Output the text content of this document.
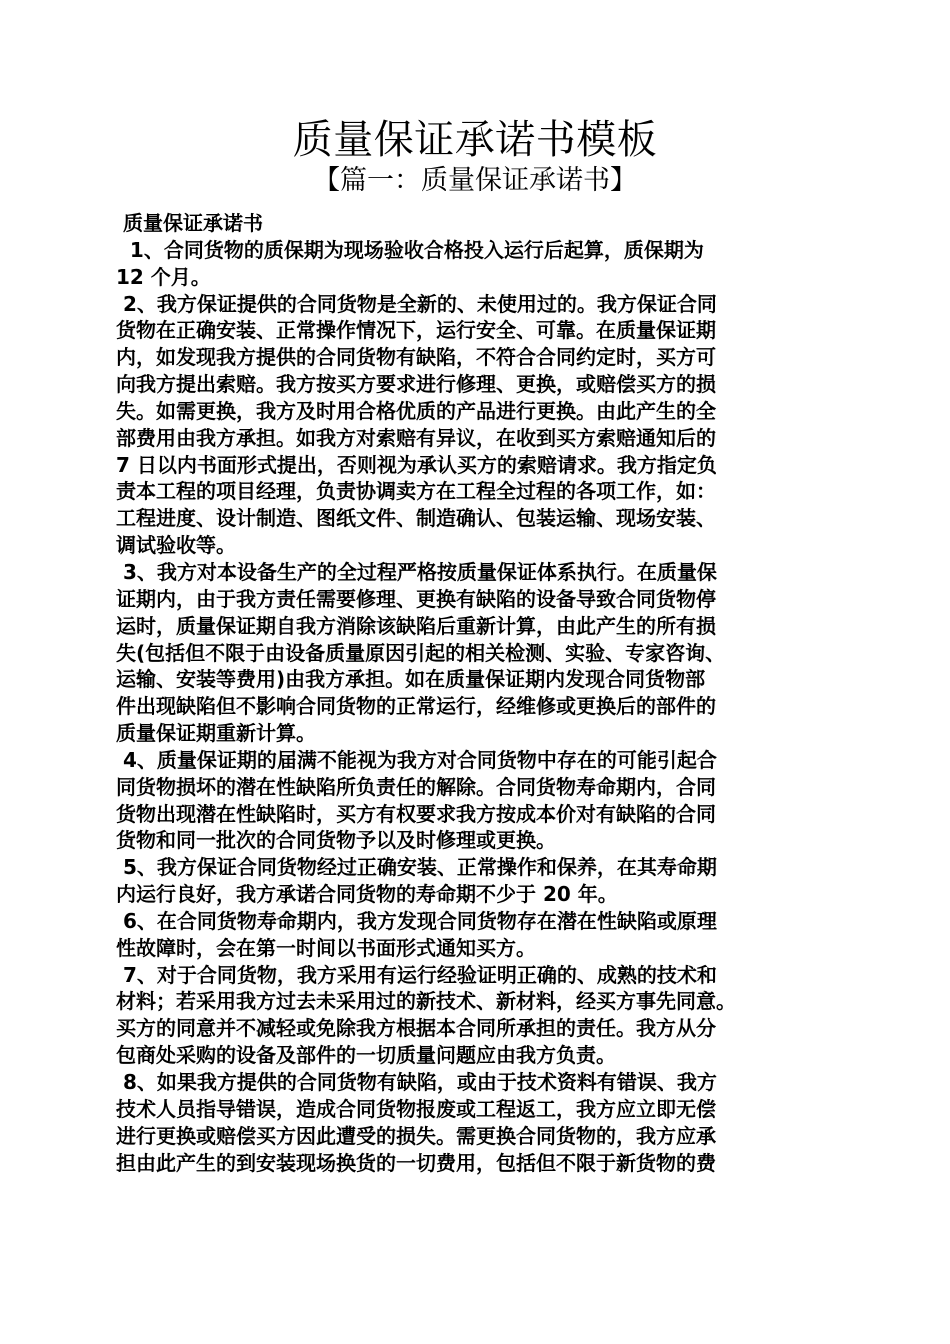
质量保证承诺书模板
【篇一：质量保证承诺书】
质量保证承诺书
1、合同货物的质保期为现场验收合格投入运行后起算，质保期为
12 个月。
2、我方保证提供的合同货物是全新的、未使用过的。我方保证合同
货物在正确安装、正常操作情况下，运行安全、可靠。在质量保证期
内，如发现我方提供的合同货物有缺陷，不符合合同约定时，买方可
向我方提出索赔。我方按买方要求进行修理、更换，或赔偿买方的损
失。如需更换，我方及时用合格优质的产品进行更换。由此产生的全
部费用由我方承担。如我方对索赔有异议，在收到买方索赔通知后的
7 日以内书面形式提出，否则视为承认买方的索赔请求。我方指定负
责本工程的项目经理，负责协调卖方在工程全过程的各项工作，如：
工程进度、设计制造、图纸文件、制造确认、包装运输、现场安装、
调试验收等。
3、我方对本设备生产的全过程严格按质量保证体系执行。在质量保
证期内，由于我方责任需要修理、更换有缺陷的设备导致合同货物停
运时，质量保证期自我方消除该缺陷后重新计算，由此产生的所有损
失(包括但不限于由设备质量原因引起的相关检测、实验、专家咨询、
运输、安装等费用)由我方承担。如在质量保证期内发现合同货物部
件出现缺陷但不影响合同货物的正常运行，经维修或更换后的部件的
质量保证期重新计算。
4、质量保证期的届满不能视为我方对合同货物中存在的可能引起合
同货物损坏的潜在性缺陷所负责任的解除。合同货物寿命期内，合同
货物出现潜在性缺陷时，买方有权要求我方按成本价对有缺陷的合同
货物和同一批次的合同货物予以及时修理或更换。
5、我方保证合同货物经过正确安装、正常操作和保养，在其寿命期
内运行良好，我方承诺合同货物的寿命期不少于 20 年。
6、在合同货物寿命期内，我方发现合同货物存在潜在性缺陷或原理
性故障时，会在第一时间以书面形式通知买方。
7、对于合同货物，我方采用有运行经验证明正确的、成熟的技术和
材料；若采用我方过去未采用过的新技术、新材料，经买方事先同意。
买方的同意并不减轻或免除我方根据本合同所承担的责任。我方从分
包商处采购的设备及部件的一切质量问题应由我方负责。
8、如果我方提供的合同货物有缺陷，或由于技术资料有错误、我方
技术人员指导错误，造成合同货物报废或工程返工，我方应立即无偿
进行更换或赔偿买方因此遭受的损失。需更换合同货物的，我方应承
担由此产生的到安装现场换货的一切费用，包括但不限于新货物的费
